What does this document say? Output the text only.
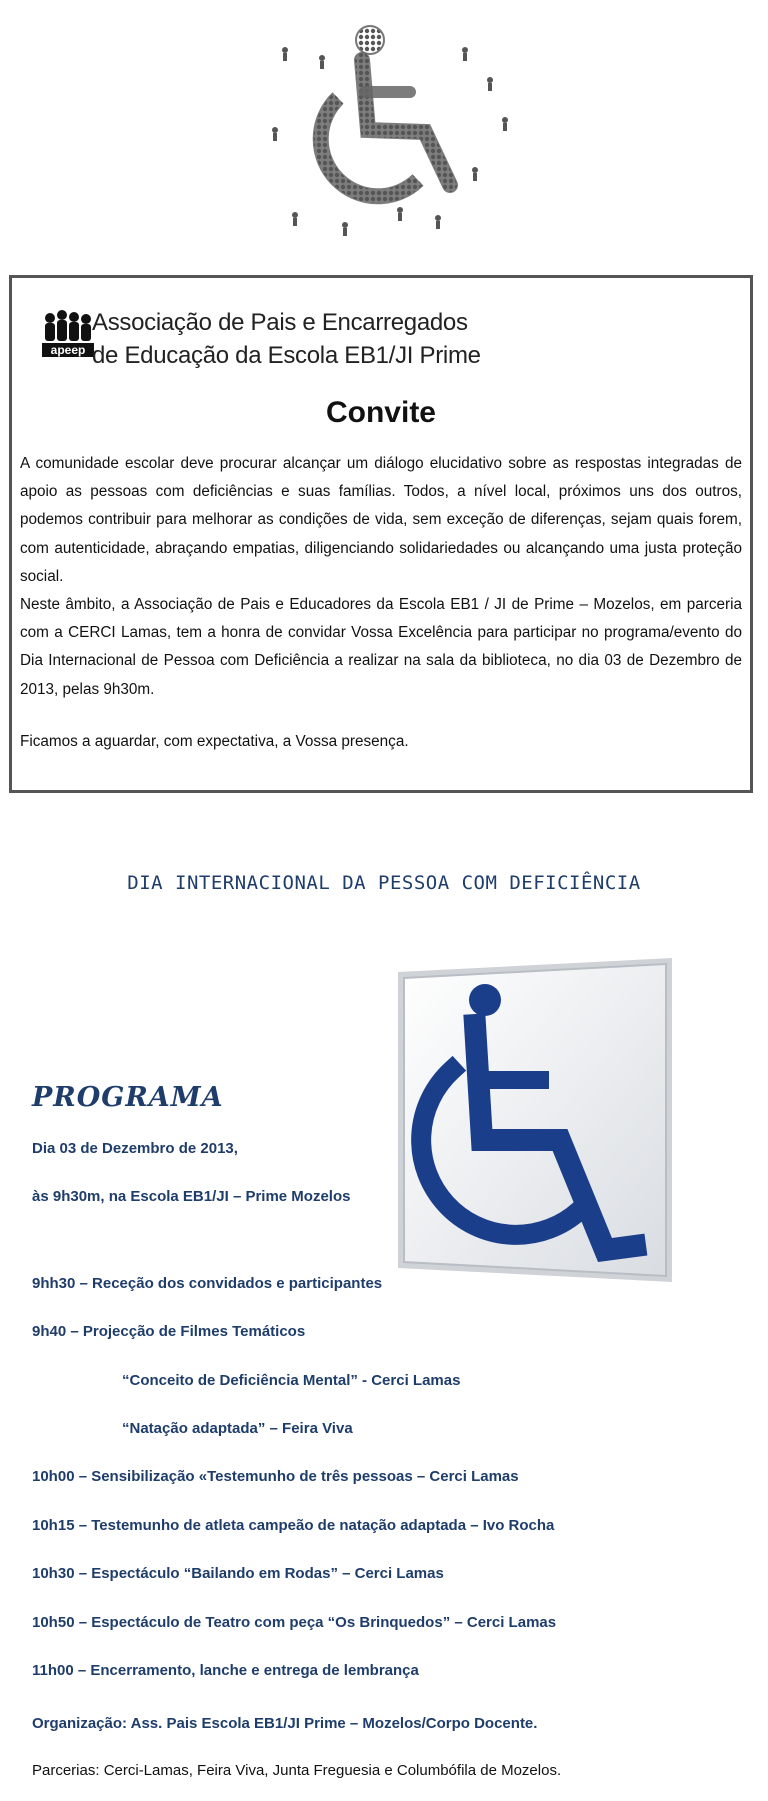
apeep
Associação de Pais e Encarregados
de Educação da Escola EB1/JI Prime
Convite

A comunidade escolar deve procurar alcançar um diálogo elucidativo sobre as respostas integradas de apoio as pessoas com deficiências e suas famílias. Todos, a nível local, próximos uns dos outros, podemos contribuir para melhorar as condições de vida, sem exceção de diferenças, sejam quais forem, com autenticidade, abraçando empatias, diligenciando solidariedades ou alcançando uma justa proteção social.

Neste âmbito, a Associação de Pais e Educadores da Escola EB1 / JI de Prime – Mozelos, em parceria com a CERCI Lamas, tem a honra de convidar Vossa Excelência para participar no programa/evento do Dia Internacional de Pessoa com Deficiência a realizar na sala da biblioteca, no dia 03 de Dezembro de 2013, pelas 9h30m.

Ficamos a aguardar, com expectativa, a Vossa presença.

DIA INTERNACIONAL DA PESSOA COM DEFICIÊNCIA
PROGRAMA
Dia 03 de Dezembro de 2013,
às 9h30m, na Escola EB1/JI – Prime Mozelos
9hh30 – Receção dos convidados e participantes
9h40 – Projecção de Filmes Temáticos
“Conceito de Deficiência Mental” - Cerci Lamas
“Natação adaptada” – Feira Viva
10h00 – Sensibilização «Testemunho de três pessoas – Cerci Lamas
10h15 – Testemunho de atleta campeão de natação adaptada – Ivo Rocha
10h30 – Espectáculo “Bailando em Rodas” – Cerci Lamas
10h50 – Espectáculo de Teatro com peça “Os Brinquedos” – Cerci Lamas
11h00 – Encerramento, lanche e entrega de lembrança
Organização: Ass. Pais Escola EB1/JI Prime – Mozelos/Corpo Docente.
Parcerias: Cerci-Lamas, Feira Viva, Junta Freguesia e Columbófila de Mozelos.
